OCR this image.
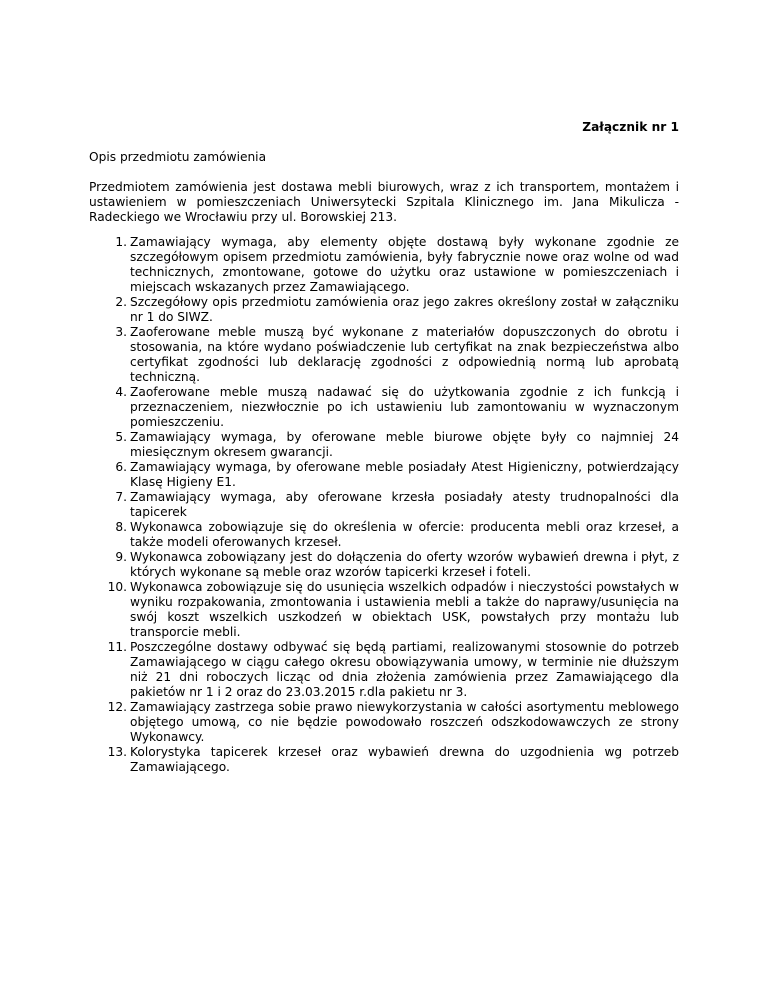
Załącznik nr 1
Opis przedmiotu zamówienia
Przedmiotem zamówienia jest dostawa mebli biurowych, wraz z ich transportem, montażem i ustawieniem w pomieszczeniach Uniwersytecki Szpitala Klinicznego im. Jana Mikulicza - Radeckiego we Wrocławiu przy ul. Borowskiej 213.
1. Zamawiający wymaga, aby elementy objęte dostawą były wykonane zgodnie ze szczegółowym opisem przedmiotu zamówienia, były fabrycznie nowe oraz wolne od wad technicznych, zmontowane, gotowe do użytku oraz ustawione w pomieszczeniach i miejscach wskazanych przez Zamawiającego.
2. Szczegółowy opis przedmiotu zamówienia oraz jego zakres określony został w załączniku nr 1 do SIWZ.
3. Zaoferowane meble muszą być wykonane z materiałów dopuszczonych do obrotu i stosowania, na które wydano poświadczenie lub certyfikat na znak bezpieczeństwa albo certyfikat zgodności lub deklarację zgodności z odpowiednią normą lub aprobatą techniczną.
4. Zaoferowane meble muszą nadawać się do użytkowania zgodnie z ich funkcją i przeznaczeniem, niezwłocznie po ich ustawieniu lub zamontowaniu w wyznaczonym pomieszczeniu.
5. Zamawiający wymaga, by oferowane meble biurowe objęte były co najmniej 24 miesięcznym okresem gwarancji.
6. Zamawiający wymaga, by oferowane meble posiadały Atest Higieniczny, potwierdzający Klasę Higieny E1.
7. Zamawiający wymaga, aby oferowane krzesła posiadały atesty trudnopalności dla tapicerek
8. Wykonawca zobowiązuje się do określenia w ofercie: producenta mebli oraz krzeseł, a także modeli oferowanych krzeseł.
9. Wykonawca zobowiązany jest do dołączenia do oferty wzorów wybawień drewna i płyt, z których wykonane są meble oraz wzorów tapicerki krzeseł i foteli.
10. Wykonawca zobowiązuje się do usunięcia wszelkich odpadów i nieczystości powstałych w wyniku rozpakowania, zmontowania i ustawienia mebli a także do naprawy/usunięcia na swój koszt wszelkich uszkodzeń w obiektach USK, powstałych przy montażu lub transporcie mebli.
11. Poszczególne dostawy odbywać się będą partiami, realizowanymi stosownie do potrzeb Zamawiającego w ciągu całego okresu obowiązywania umowy, w terminie nie dłuższym niż 21 dni roboczych licząc od dnia złożenia zamówienia przez Zamawiającego dla pakietów nr 1 i 2 oraz do 23.03.2015 r.dla pakietu nr 3.
12. Zamawiający zastrzega sobie prawo niewykorzystania w całości asortymentu meblowego objętego umową, co nie będzie powodowało roszczeń odszkodowawczych ze strony Wykonawcy.
13. Kolorystyka tapicerek krzeseł oraz wybawień drewna do uzgodnienia wg potrzeb Zamawiającego.
